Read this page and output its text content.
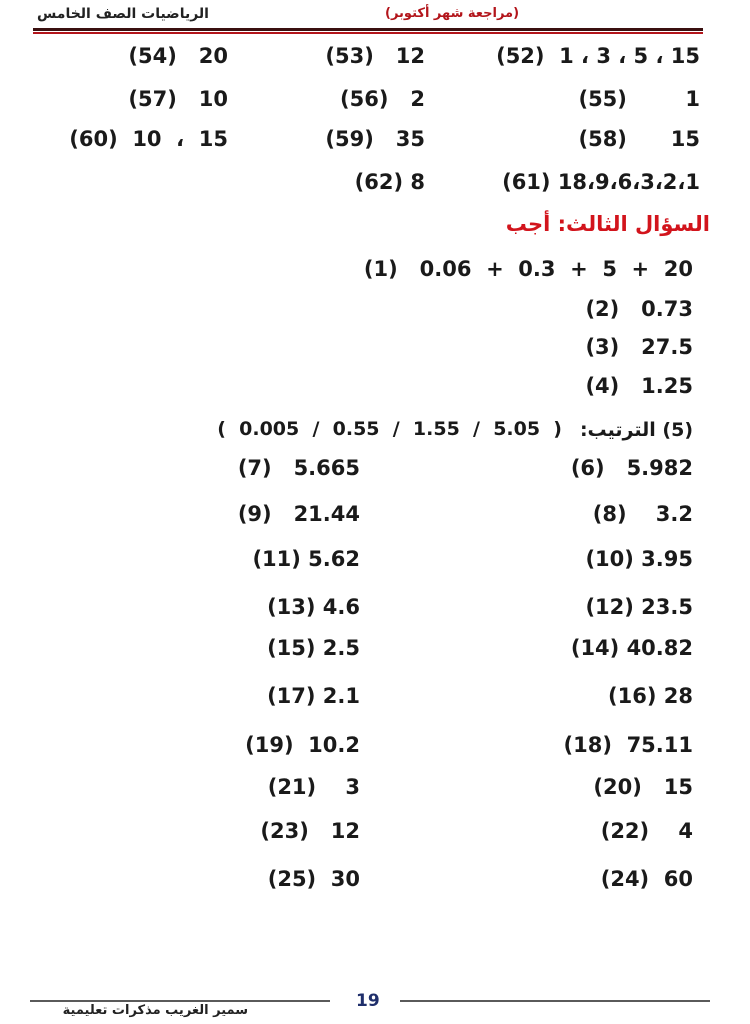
الرياضيات الصف الخامس	(مراجعة شهر أكتوبر)
(52)  1 ، 3 ، 5 ، 15
(53)   12
(54)   20
(55)        1
(56)   2
(57)   10
(58)      15
(59)   35
(60)  10  ،  15
(61) 18،9،6،3،2،1
(62) 8
السؤال الثالث: أجب
(1)   0.06  +  0.3  +  5  +  20
(2)   0.73
(3)   27.5
(4)   1.25
(5) الترتيب:
(  0.005  /  0.55  /  1.55  /  5.05  )
(6)   5.982
(7)   5.665
(8)    3.2
(9)   21.44
(10) 3.95
(11) 5.62
(12) 23.5
(13) 4.6
(14) 40.82
(15) 2.5
(16) 28
(17) 2.1
(18)  75.11
(19)  10.2
(20)   15
(21)    3
(22)    4
(23)   12
(24)  60
(25)  30
19
سمير الغريب مذكرات تعليمية
